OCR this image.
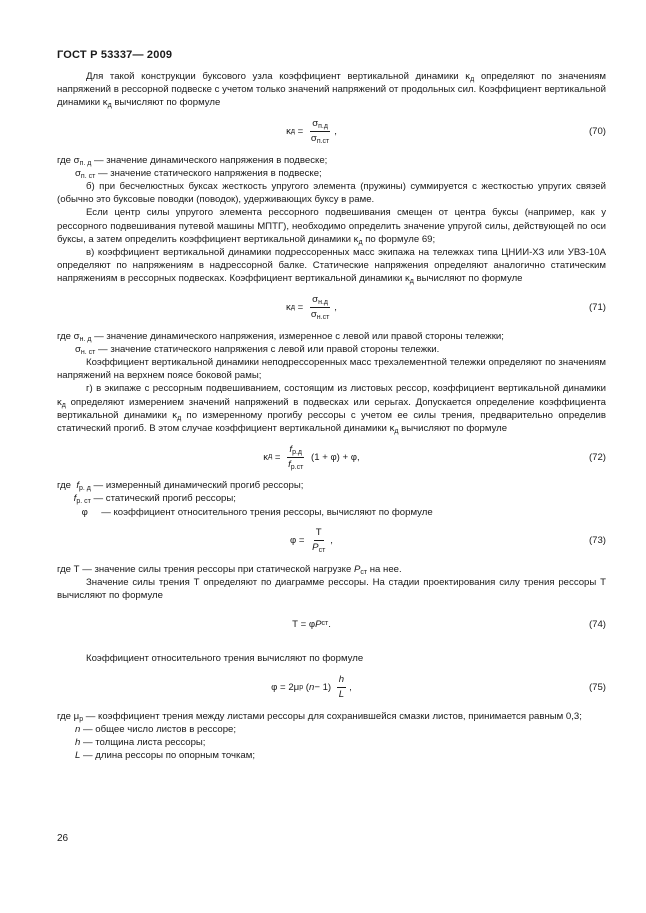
ГОСТ Р 53337— 2009

Для такой конструкции буксового узла коэффициент вертикальной динамики $\kappa_д$ определяют по значениям напряжений в рессорной подвеске с учетом только значений напряжений от продольных сил. Коэффициент вертикальной динамики $\kappa_д$ вычисляют по формуле

κ $д = \frac{\sigma_{п.д}}{\sigma_{п.ст}}$ ,	(70)

где $\sigma_{п. д}$ — значение динамического напряжения в подвеске;

$\sigma_{п. ст}$ — значение статического напряжения в подвеске;

б) при бесчелюстных буксах жесткость упругого элемента (пружины) суммируется с жесткостью упругих связей (обычно это буксовые поводки (поводок), удерживающих буксу в раме.

Если центр силы упругого элемента рессорного подвешивания смещен от центра буксы (например, как у рессорного подвешивания путевой машины МПТГ), необходимо определить значение упругой силы, действующей по оси буксы, а затем определить коэффициент вертикальной динамики $\kappa_д$ по формуле 69;

в) коэффициент вертикальной динамики подрессоренных масс экипажа на тележках типа ЦНИИ-ХЗ или УВЗ-10А определяют по напряжениям в надрессорной балке. Статические напряжения определяют аналогично статическим напряжениям в рессорных подвесках. Коэффициент вертикальной динамики $\kappa_д$ вычисляют по формуле

κ $д = \frac{\sigma_{н.д}}{\sigma_{н.ст}}$ ,	(71)

где $\sigma_{н. д}$ — значение динамического напряжения, измеренное с левой или правой стороны тележки;

$\sigma_{н. ст}$ — значение статического напряжения с левой или правой стороны тележки.

Коэффициент вертикальной динамики неподрессоренных масс трехэлементной тележки определяют по значениям напряжений на верхнем поясе боковой рамы;

г) в экипаже с рессорным подвешиванием, состоящим из листовых рессор, коэффициент вертикальной динамики $\kappa_д$ определяют измерением значений напряжений в подвесках или серьгах. Допускается определение коэффициента вертикальной динамики $\kappa_д$ по измеренному прогибу рессоры с учетом ее силы трения, предварительно определив статический прогиб. В этом случае коэффициент вертикальной динамики $\kappa_д$ вычисляют по формуле

κ $д = \frac{f_{р.д}}{f_{р.ст}} (1 + \varphi) + \varphi$,	(72)

где  $f_{р. д}$ — измеренный динамический прогиб рессоры;

$f_{р. ст}$ — статический прогиб рессоры;

φ     — коэффициент относительного трения рессоры, вычисляют по формуле

$\varphi = \frac{Т}{P_{ст}}$ ,	(73)

где Т — значение силы трения рессоры при статической нагрузке $P_{ст}$ на нее.

Значение силы трения Т определяют по диаграмме рессоры. На стадии проектирования силу трения рессоры Т вычисляют по формуле

Т = φ P ст .	(74)

Коэффициент относительного трения вычисляют по формуле

φ = 2μ р ( $n - 1) \frac{h}{L}$ ,	(75)

где $\mu_р$ — коэффициент трения между листами рессоры для сохранившейся смазки листов, принимается равным 0,3;

n — общее число листов в рессоре;

h — толщина листа рессоры;

L — длина рессоры по опорным точкам;

26
